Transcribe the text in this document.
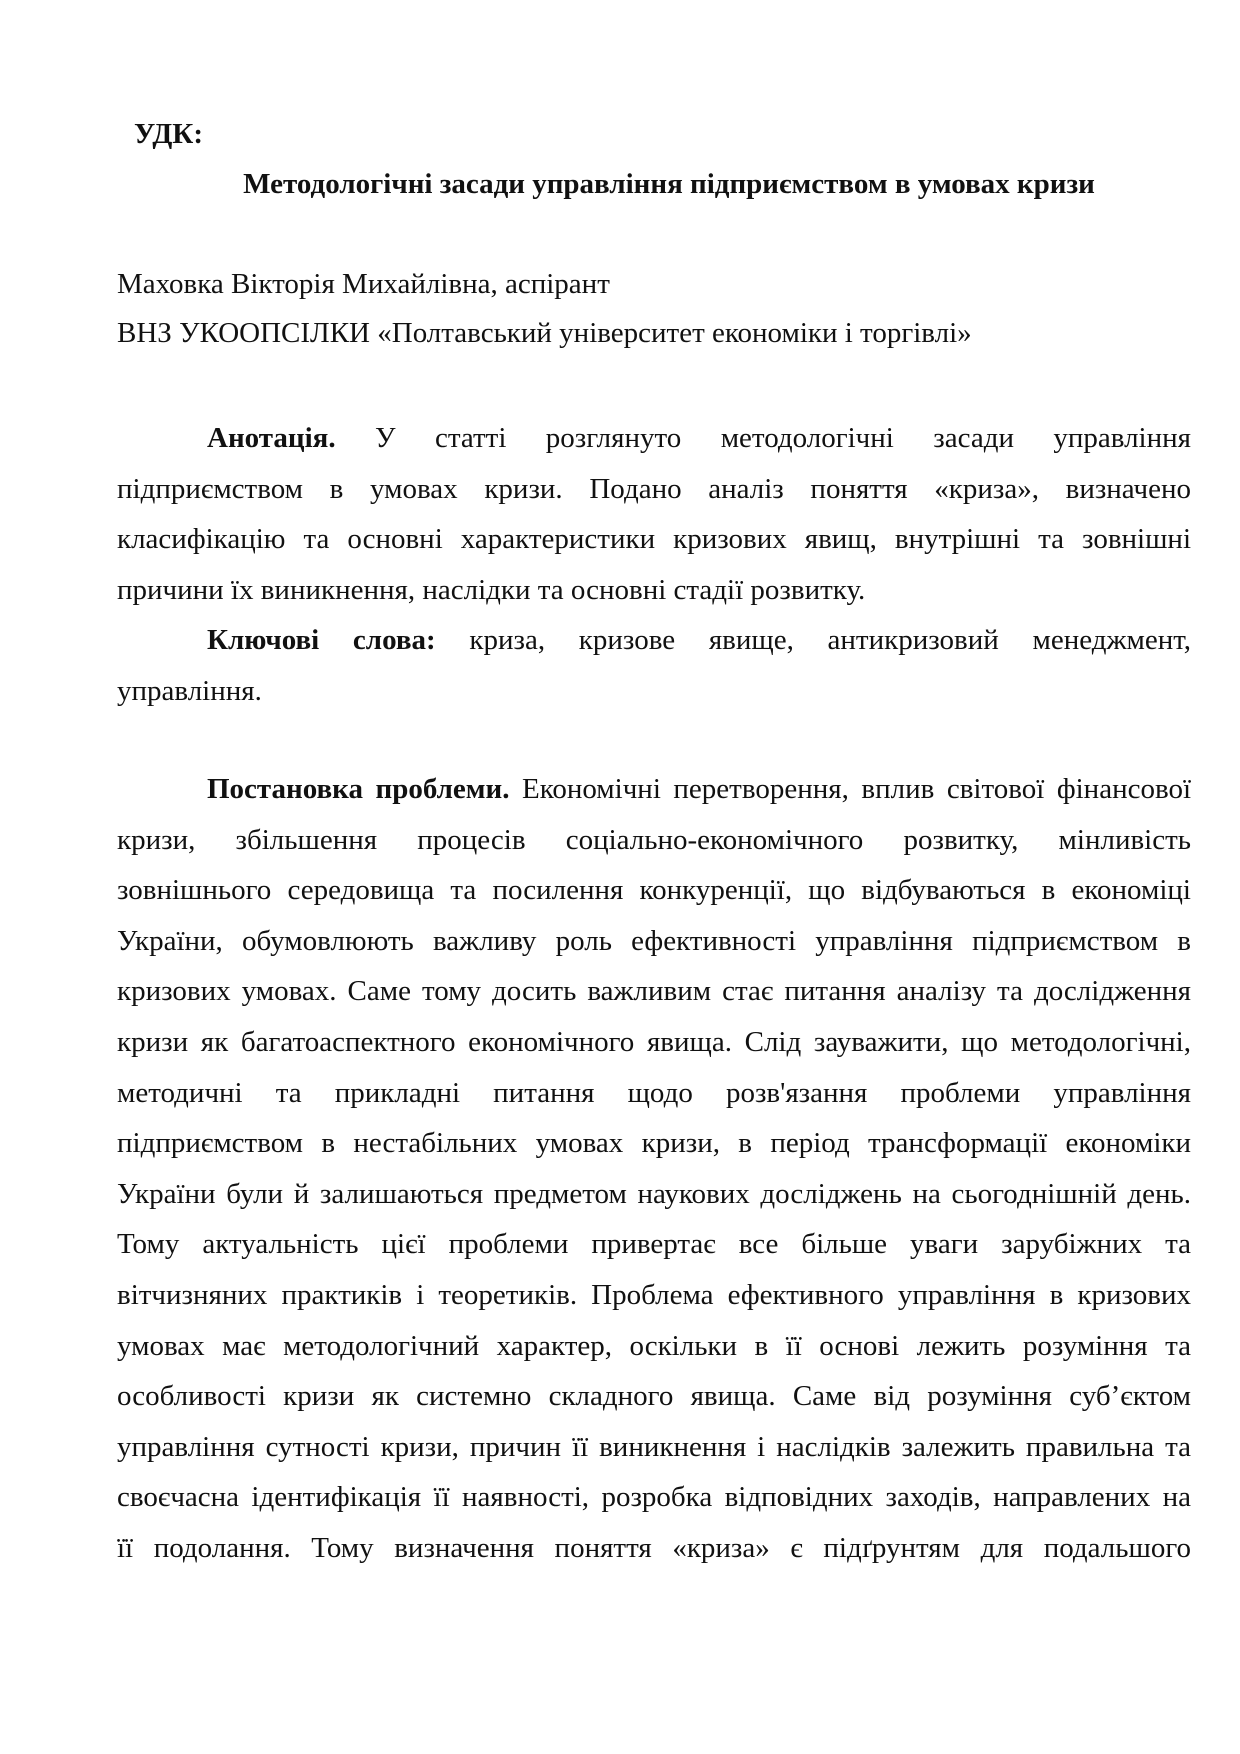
УДК:
Методологічні засади управління підприємством в умовах кризи
Маховка Вікторія Михайлівна, аспірант
ВНЗ УКООПСІЛКИ «Полтавський університет економіки і торгівлі»
Анотація. У статті розглянуто методологічні засади управління
підприємством в умовах кризи. Подано аналіз поняття «криза», визначено
класифікацію та основні характеристики кризових явищ, внутрішні та зовнішні
причини їх виникнення, наслідки та основні стадії розвитку.
Ключові слова: криза, кризове явище, антикризовий менеджмент,
управління.
Постановка проблеми. Економічні перетворення, вплив світової фінансової
кризи, збільшення процесів соціально-економічного розвитку, мінливість
зовнішнього середовища та посилення конкуренції, що відбуваються в економіці
України, обумовлюють важливу роль ефективності управління підприємством в
кризових умовах. Саме тому досить важливим стає питання аналізу та дослідження
кризи як багатоаспектного економічного явища. Слід зауважити, що методологічні,
методичні та прикладні питання щодо розв'язання проблеми управління
підприємством в нестабільних умовах кризи, в період трансформації економіки
України були й залишаються предметом наукових досліджень на сьогоднішній день.
Тому актуальність цієї проблеми привертає все більше уваги зарубіжних та
вітчизняних практиків і теоретиків. Проблема ефективного управління в кризових
умовах має методологічний характер, оскільки в її основі лежить розуміння та
особливості кризи як системно складного явища. Саме від розуміння суб’єктом
управління сутності кризи, причин її виникнення і наслідків залежить правильна та
своєчасна ідентифікація її наявності, розробка відповідних заходів, направлених на
її подолання. Тому визначення поняття «криза» є підґрунтям для подальшого
